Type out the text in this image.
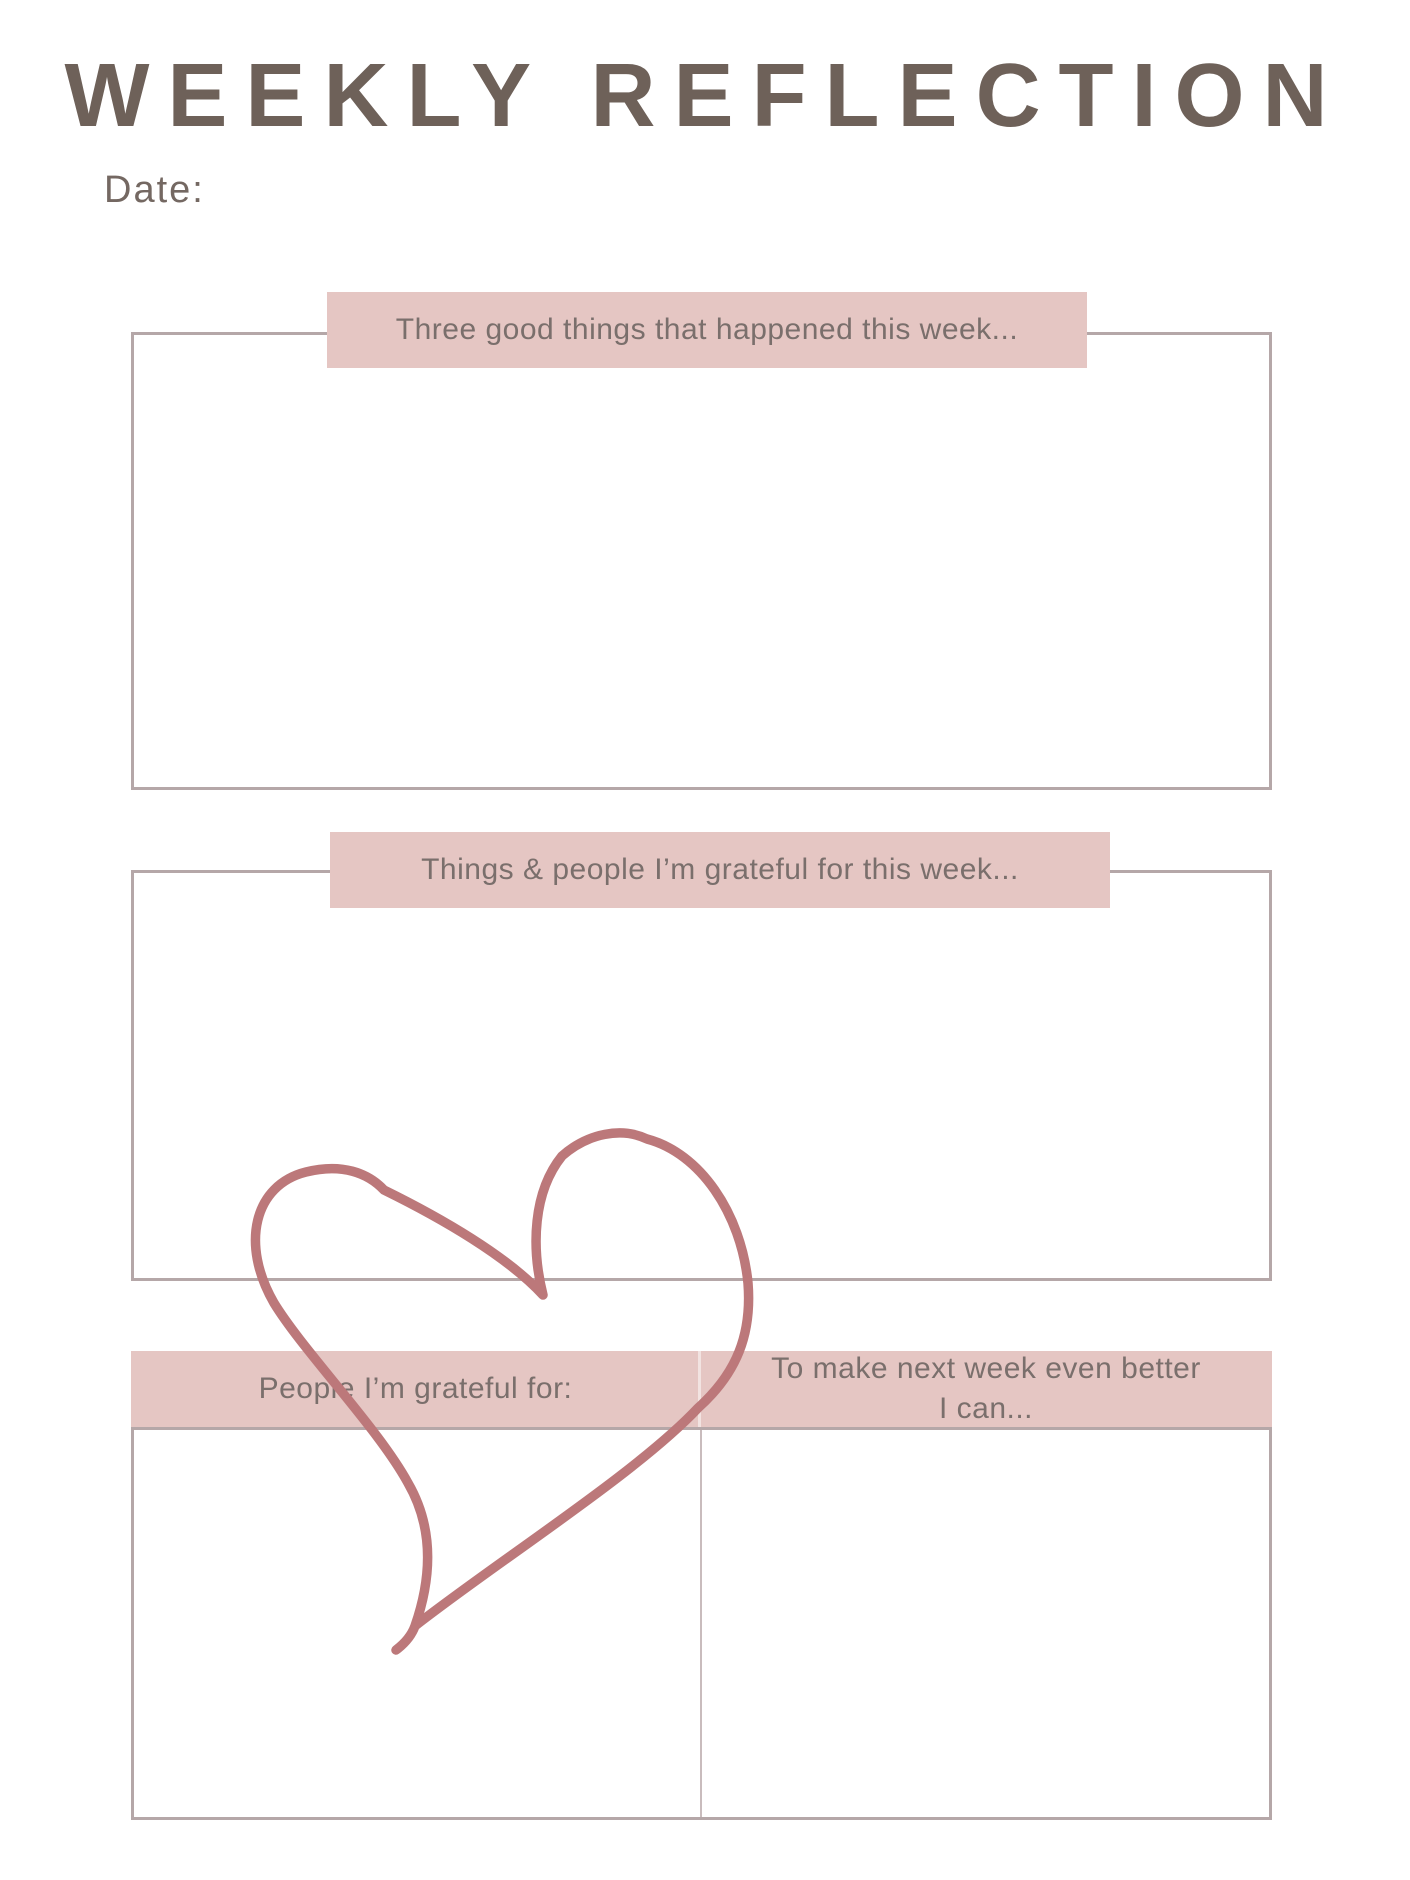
WEEKLY REFLECTION
Date:
Three good things that happened this week...
Things & people I’m grateful for this week...
People I’m grateful for:
To make next week even better I can...
